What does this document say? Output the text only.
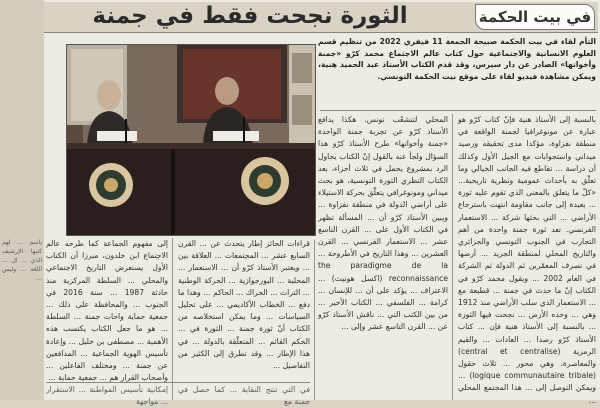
الثورة نجحت فقط في جمنة	في بيت الحكمة
التأم لقاء في بيت الحكمة صبيحة الجمعة 11 فيفري 2022 من تنظيم قسم العلوم الانسانية والاجتماعية حول كتاب عالم الاجتماع محمد كرّو «جمنة وأخواتها» الصادر عن دار سيرس، وقد قدم الكتاب الأستاذ عبد الحميد هنية، ويمكن مشاهدة فيديو لقاء على موقع بيت الحكمة التونسي.
بالنسبة إلى الأستاذ هنية فإنّ كتاب كرّو هو عبارة عن مونوغرافيا لجمنة الواقعة في منطقة نفزاوة، مؤكدا مدى تحقيقه ورصيد ميداني واستجوابات مع الجيل الأول وكذلك أن دراسة ... تقاطع فيه الجانب الخيالي وما تعلّق به بأحداث عمومية ونظرية تاريخية... «كلّ ما يتعلق بالمعنى الذي تقوم عليه ثورة ... بعيدة إلى جانب مقاومة انتهت باسترجاع الأراضي ... التي بحثها شركة ... الاستعمار الفرنسي. تعد ثورة جمنة واحدة من أهم التجارب في الجنوب التونسي والجزائري والتاريخ المحلي لمنطقة الجريد ... أرضها في تصرف المعمّرين ثم الدولة ثم الشركة في العام 2002 ... ويقول محمد كرّو في الكتاب إنّ ما حدث في جمنة ... قطيعة مع ... الاستعمار الذي سلب الأراضي منذ 1912 وهي ... وحده الأرض ... نجحت فيها الثورة ... بالنسبة إلى الأستاذ هنية فإن ... كتاب الأستاذ كرّو رصدا ... العادات ... والقيم الرمزية (central et centralise) والمعاصرة، وهي محور ... ثلاث حقول (logique communautaire tribale) ... ويمكن التوصل إلى ... هذا المجتمع المحلي ...
المحلي لتتشعّب تونس. هكذا يدافع الأستاذ كرّو عن تجربة جمنة الواحدة «جمنة وأخواتها» طرح الأستاذ كرّو هذا السؤال ولجأ عنه بالقول إنّ الكتاب يحاول الرد بمشروع يحمل في ثلاث أجزاء، بعد الكتاب النظري الثورة التونسية، هو بحث ميداني ومونوغرافي يتعلّق بحركة الاستيلاء على أراضي الدولة في منطقة نفزاوة ... ويبين الأستاذ كرّو أن ... المسألة تظهر في الكتاب الأول على ... القرن التاسع عشر ... الاستعمار الفرنسي ... القرن العشرين ... وهذا التاريخ في الأطروحة ... the paradigme de la reconnaissance (اكسل هونيث) ... الاعتراف ... يؤكد على أن ... للإنسان ... كرامة ... الفلسفي ... الكتاب الأخير ... من بين الكتب التي ... ناقش الأستاذ كرّو عن ... القرن التاسع عشر وإلى ...
قراءات الحائز إطار يتحدث عن ... القرن السابع عشر ... المجتمعات ... العلاقة بين ... ويعتبر الأستاذ كرّو أن ... الاستعمار ... المحلية ... البورجوازية ... الحركة الوطنية ... التراث ... الحراك ... الحاكم ... وهذا ما دفع ... الخطاب الأكاديمي ... على تحليل السياسات ... وما يمكن استخلاصه من الكتاب أنّ ثورة جمنة ... الثورة في ... الحكم القائم ... المتعلّقة بالدولة ... في هذا الإطار ... وقد تطرق إلى الكثير من التفاصيل ...
إلى مفهوم الجماعة كما طرحه عالم الاجتماع ابن خلدون، مبرزا أن الكتاب الأول يستعرض التاريخ الاجتماعي والمحلي ... السلطة المركزية منذ حادثة 1987 ... سنة 2016 في الجنوب ... والمحافظة على ذلك ... جمعية حماية واحات جمنة ... السلطة ... هو ما جعل الكتاب يكتسب هذه الأهمية ... مصطفى بن خليل ... وإعادة تأسيس الهوية الجماعية ... المدافعين عن جمنة ... ومختلف الفاعلين ... وأصحاب القرار هم ... جمعية حماية ...
إمكانية تأسيس المواطنة ... الاستقرار ... مواجهة
في التي تنتج النقابة ... كما حصل في جمنة مع
ياسم ... لهم كتبها الإرشيف الذي ... ال ... اللغة ... وليس ...
